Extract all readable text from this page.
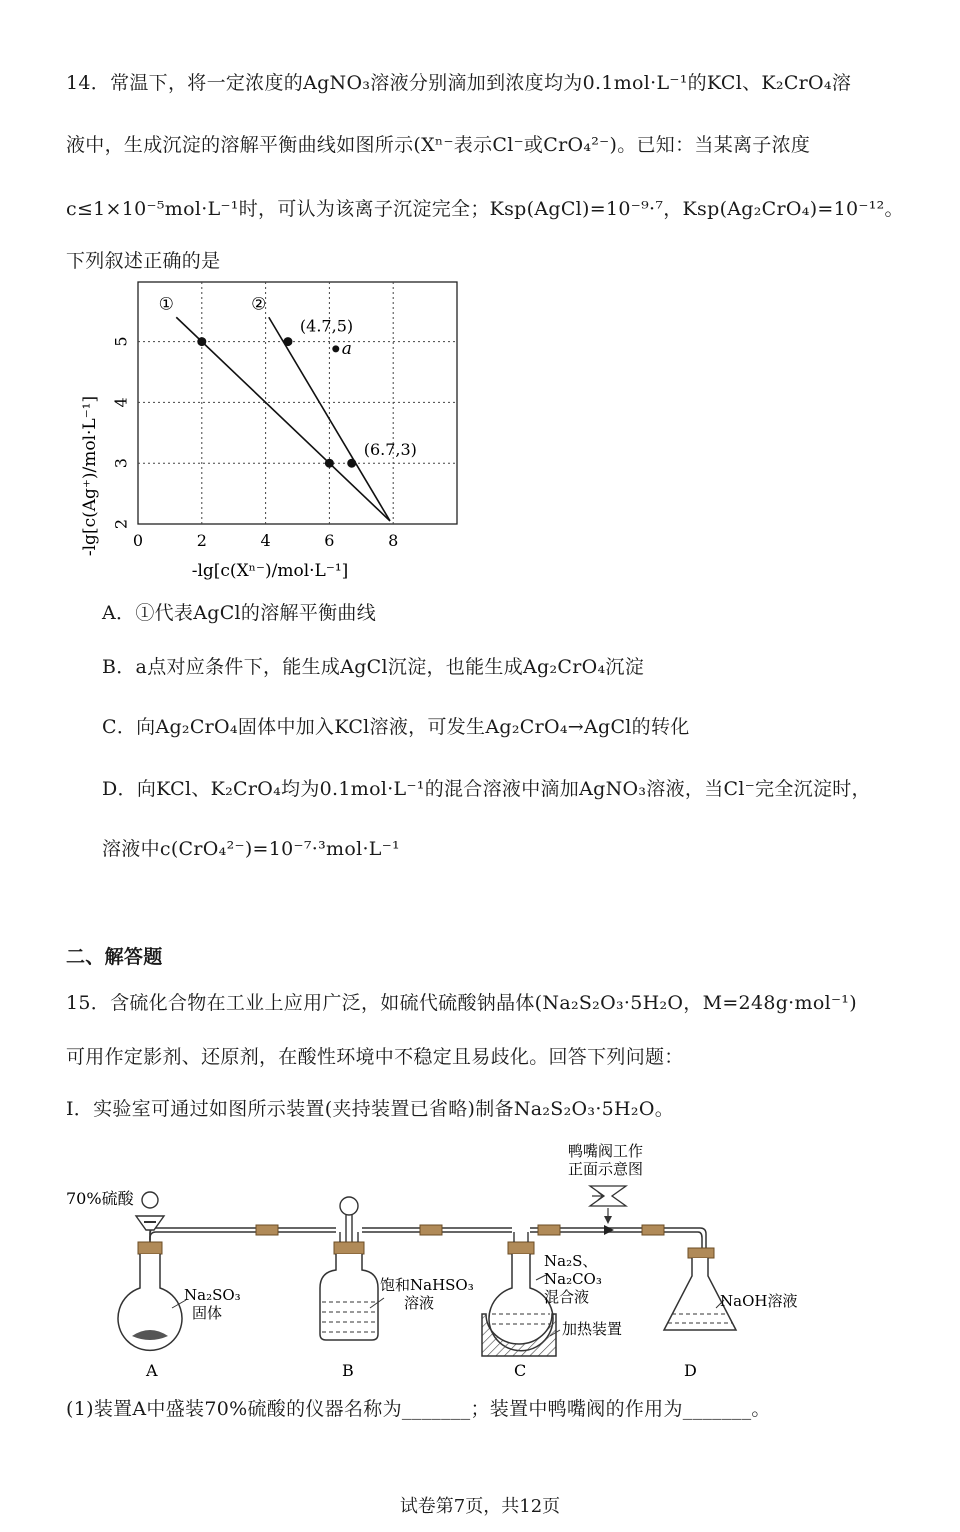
14．常温下，将一定浓度的AgNO₃溶液分别滴加到浓度均为0.1mol·L⁻¹的KCl、K₂CrO₄溶
液中，生成沉淀的溶解平衡曲线如图所示(Xⁿ⁻表示Cl⁻或CrO₄²⁻)。已知：当某离子浓度
c≤1×10⁻⁵mol·L⁻¹时，可认为该离子沉淀完全；Ksp(AgCl)=10⁻⁹·⁷，Ksp(Ag₂CrO₄)=10⁻¹²。
下列叙述正确的是
①	②
0	2	4	6	8
2
3
4
5
(4.7,5)
(6.7,3)
a
-lg[c(Ag⁺)/mol·L⁻¹]
-lg[c(Xⁿ⁻)/mol·L⁻¹]
A．①代表AgCl的溶解平衡曲线
B．a点对应条件下，能生成AgCl沉淀，也能生成Ag₂CrO₄沉淀
C．向Ag₂CrO₄固体中加入KCl溶液，可发生Ag₂CrO₄→AgCl的转化
D．向KCl、K₂CrO₄均为0.1mol·L⁻¹的混合溶液中滴加AgNO₃溶液，当Cl⁻完全沉淀时，
溶液中c(CrO₄²⁻)=10⁻⁷·³mol·L⁻¹
二、解答题
15．含硫化合物在工业上应用广泛，如硫代硫酸钠晶体(Na₂S₂O₃·5H₂O，M=248g·mol⁻¹)
可用作定影剂、还原剂，在酸性环境中不稳定且易歧化。回答下列问题：
I．实验室可通过如图所示装置(夹持装置已省略)制备Na₂S₂O₃·5H₂O。
70%硫酸
Na₂SO₃
固体
饱和NaHSO₃
溶液
Na₂S、
Na₂CO₃
混合液
加热装置
鸭嘴阀工作
正面示意图
NaOH溶液
A	B	C	D
(1)装置A中盛装70%硫酸的仪器名称为_______；装置中鸭嘴阀的作用为_______。
试卷第7页，共12页
